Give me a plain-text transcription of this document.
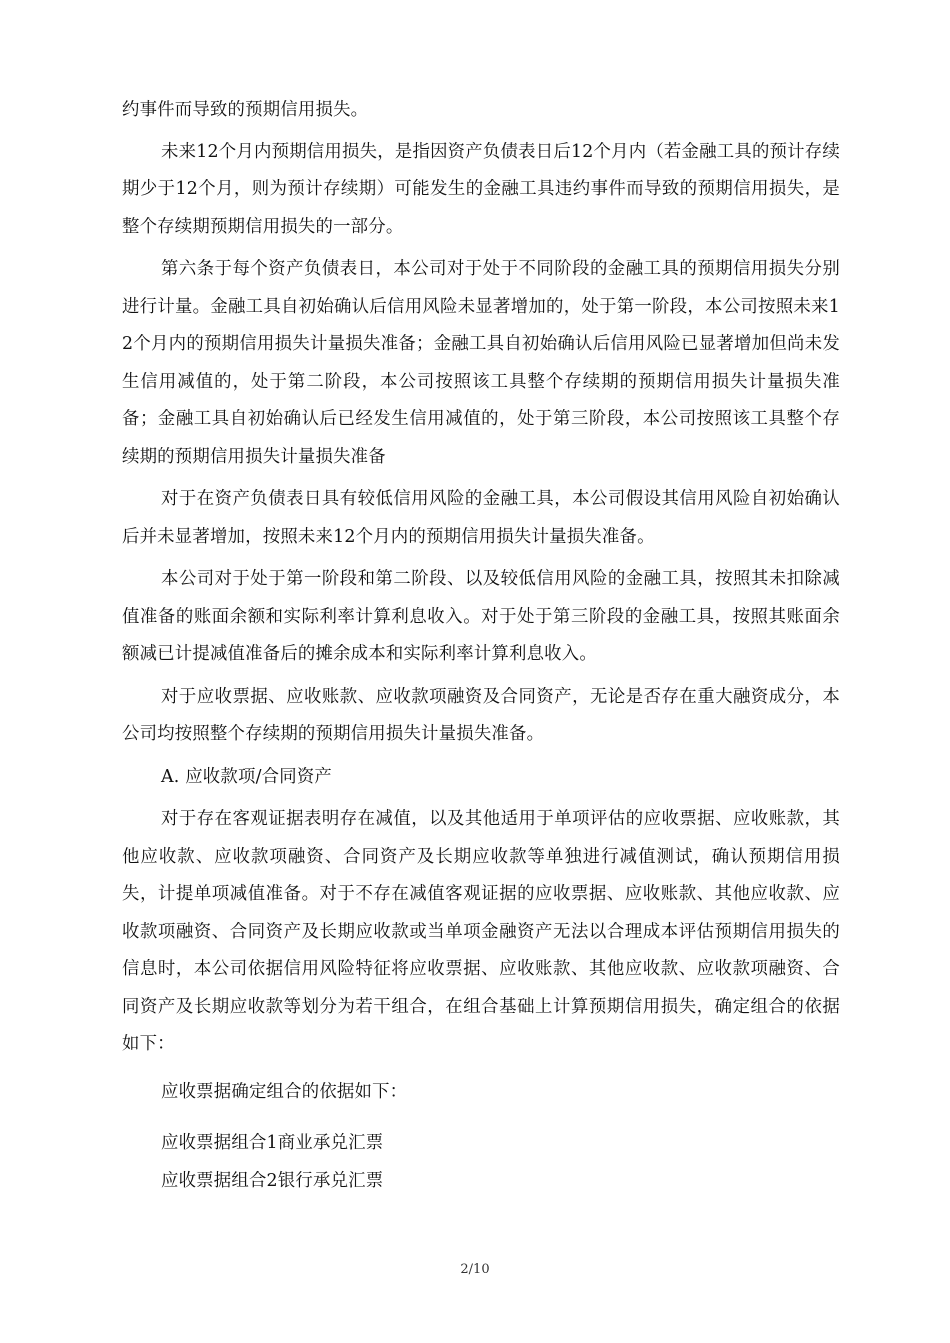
约事件而导致的预期信用损失。

未来12个月内预期信用损失，是指因资产负债表日后12个月内（若金融工具的预计存续期少于12个月，则为预计存续期）可能发生的金融工具违约事件而导致的预期信用损失，是整个存续期预期信用损失的一部分。

第六条于每个资产负债表日，本公司对于处于不同阶段的金融工具的预期信用损失分别进行计量。金融工具自初始确认后信用风险未显著增加的，处于第一阶段，本公司按照未来12个月内的预期信用损失计量损失准备；金融工具自初始确认后信用风险已显著增加但尚未发生信用减值的，处于第二阶段，本公司按照该工具整个存续期的预期信用损失计量损失准备；金融工具自初始确认后已经发生信用减值的，处于第三阶段，本公司按照该工具整个存续期的预期信用损失计量损失准备

对于在资产负债表日具有较低信用风险的金融工具，本公司假设其信用风险自初始确认后并未显著增加，按照未来12个月内的预期信用损失计量损失准备。

本公司对于处于第一阶段和第二阶段、以及较低信用风险的金融工具，按照其未扣除减值准备的账面余额和实际利率计算利息收入。对于处于第三阶段的金融工具，按照其账面余额减已计提减值准备后的摊余成本和实际利率计算利息收入。

对于应收票据、应收账款、应收款项融资及合同资产，无论是否存在重大融资成分，本公司均按照整个存续期的预期信用损失计量损失准备。

A. 应收款项/合同资产

对于存在客观证据表明存在减值，以及其他适用于单项评估的应收票据、应收账款，其他应收款、应收款项融资、合同资产及长期应收款等单独进行减值测试，确认预期信用损失，计提单项减值准备。对于不存在减值客观证据的应收票据、应收账款、其他应收款、应收款项融资、合同资产及长期应收款或当单项金融资产无法以合理成本评估预期信用损失的信息时，本公司依据信用风险特征将应收票据、应收账款、其他应收款、应收款项融资、合同资产及长期应收款等划分为若干组合，在组合基础上计算预期信用损失，确定组合的依据如下：

应收票据确定组合的依据如下：

应收票据组合1商业承兑汇票

应收票据组合2银行承兑汇票

2/10
